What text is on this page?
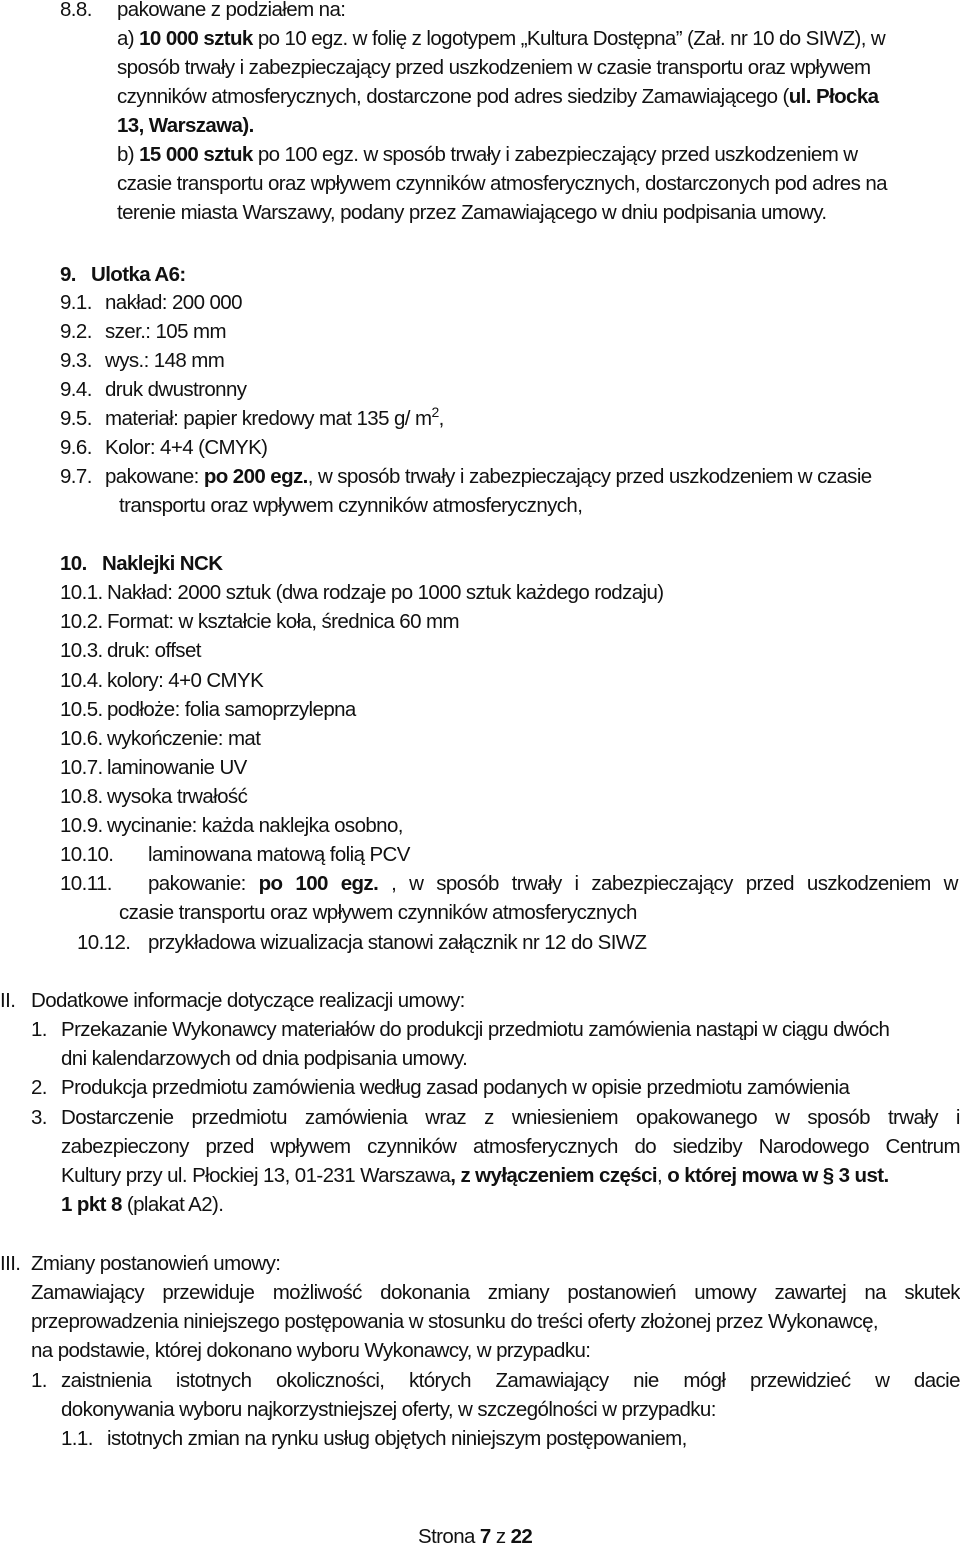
8.8. pakowane z podziałem na:
a) 10 000 sztuk po 10 egz. w folię z logotypem „Kultura Dostępna” (Zał. nr 10 do SIWZ), w
sposób trwały i zabezpieczający przed uszkodzeniem w czasie transportu oraz wpływem
czynników atmosferycznych, dostarczone pod adres siedziby Zamawiającego (ul. Płocka
13, Warszawa).
b) 15 000 sztuk po 100 egz. w sposób trwały i zabezpieczający przed uszkodzeniem w
czasie transportu oraz wpływem czynników atmosferycznych, dostarczonych pod adres na
terenie miasta Warszawy, podany przez Zamawiającego w dniu podpisania umowy.
9. Ulotka A6:
9.1. nakład: 200 000
9.2. szer.: 105 mm
9.3. wys.: 148 mm
9.4. druk dwustronny
9.5. materiał: papier kredowy mat 135 g/ $m^2$,
9.6. Kolor: 4+4 (CMYK)
9.7. pakowane: po 200 egz., w sposób trwały i zabezpieczający przed uszkodzeniem w czasie
transportu oraz wpływem czynników atmosferycznych,
10. Naklejki NCK
10.1. Nakład: 2000 sztuk (dwa rodzaje po 1000 sztuk każdego rodzaju)
10.2. Format: w kształcie koła, średnica 60 mm
10.3. druk: offset
10.4. kolory: 4+0 CMYK
10.5. podłoże: folia samoprzylepna
10.6. wykończenie: mat
10.7. laminowanie UV
10.8. wysoka trwałość
10.9. wycinanie: każda naklejka osobno,
10.10. laminowana matową folią PCV
10.11. pakowanie: po 100 egz. , w sposób trwały i zabezpieczający przed uszkodzeniem w
czasie transportu oraz wpływem czynników atmosferycznych
10.12. przykładowa wizualizacja stanowi załącznik nr 12 do SIWZ
II. Dodatkowe informacje dotyczące realizacji umowy:
1. Przekazanie Wykonawcy materiałów do produkcji przedmiotu zamówienia nastąpi w ciągu dwóch
dni kalendarzowych od dnia podpisania umowy.
2. Produkcja przedmiotu zamówienia według zasad podanych w opisie przedmiotu zamówienia
3. Dostarczenie przedmiotu zamówienia wraz z wniesieniem opakowanego w sposób trwały i
zabezpieczony przed wpływem czynników atmosferycznych do siedziby Narodowego Centrum
Kultury przy ul. Płockiej 13, 01-231 Warszawa, z wyłączeniem części, o której mowa w § 3 ust.
1 pkt 8 (plakat A2).
III. Zmiany postanowień umowy:
Zamawiający przewiduje możliwość dokonania zmiany postanowień umowy zawartej na skutek
przeprowadzenia niniejszego postępowania w stosunku do treści oferty złożonej przez Wykonawcę,
na podstawie, której dokonano wyboru Wykonawcy, w przypadku:
1. zaistnienia istotnych okoliczności, których Zamawiający nie mógł przewidzieć w dacie
dokonywania wyboru najkorzystniejszej oferty, w szczególności w przypadku:
1.1. istotnych zmian na rynku usług objętych niniejszym postępowaniem,
Strona 7 z 22
